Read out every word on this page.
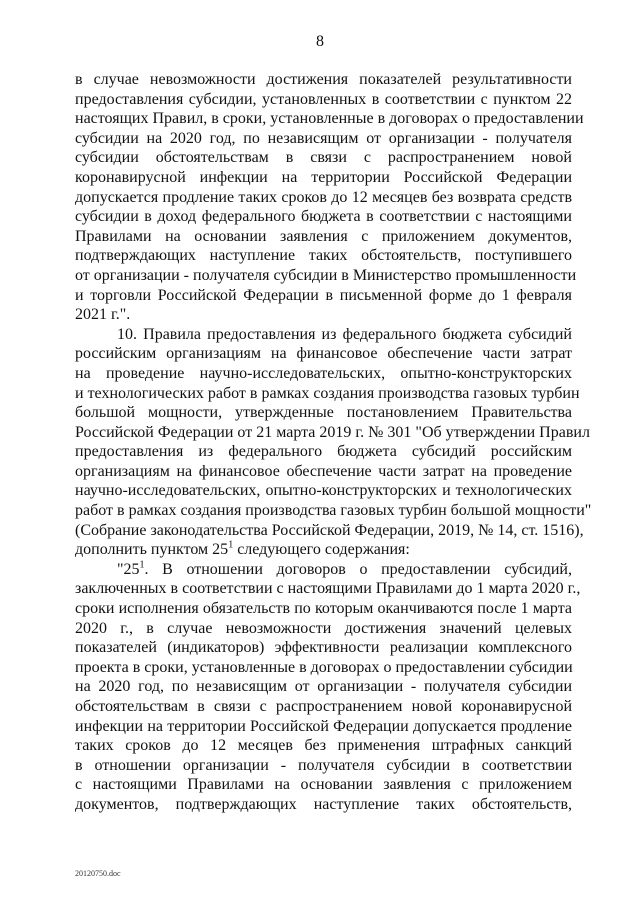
8
в случае невозможности достижения показателей результативности
предоставления субсидии, установленных в соответствии с пунктом 22
настоящих Правил, в сроки, установленные в договорах о предоставлении
субсидии на 2020 год, по независящим от организации - получателя
субсидии обстоятельствам в связи с распространением новой
коронавирусной инфекции на территории Российской Федерации
допускается продление таких сроков до 12 месяцев без возврата средств
субсидии в доход федерального бюджета в соответствии с настоящими
Правилами на основании заявления с приложением документов,
подтверждающих наступление таких обстоятельств, поступившего
от организации - получателя субсидии в Министерство промышленности
и торговли Российской Федерации в письменной форме до 1 февраля
2021 г.".
10. Правила предоставления из федерального бюджета субсидий
российским организациям на финансовое обеспечение части затрат
на проведение научно-исследовательских, опытно-конструкторских
и технологических работ в рамках создания производства газовых турбин
большой мощности, утвержденные постановлением Правительства
Российской Федерации от 21 марта 2019 г. № 301 "Об утверждении Правил
предоставления из федерального бюджета субсидий российским
организациям на финансовое обеспечение части затрат на проведение
научно-исследовательских, опытно-конструкторских и технологических
работ в рамках создания производства газовых турбин большой мощности"
(Собрание законодательства Российской Федерации, 2019, № 14, ст. 1516),
дополнить пунктом $25^1$ следующего содержания:
"$25^1$. В отношении договоров о предоставлении субсидий,
заключенных в соответствии с настоящими Правилами до 1 марта 2020 г.,
сроки исполнения обязательств по которым оканчиваются после 1 марта
2020 г., в случае невозможности достижения значений целевых
показателей (индикаторов) эффективности реализации комплексного
проекта в сроки, установленные в договорах о предоставлении субсидии
на 2020 год, по независящим от организации - получателя субсидии
обстоятельствам в связи с распространением новой коронавирусной
инфекции на территории Российской Федерации допускается продление
таких сроков до 12 месяцев без применения штрафных санкций
в отношении организации - получателя субсидии в соответствии
с настоящими Правилами на основании заявления с приложением
документов, подтверждающих наступление таких обстоятельств,
20120750.doc
